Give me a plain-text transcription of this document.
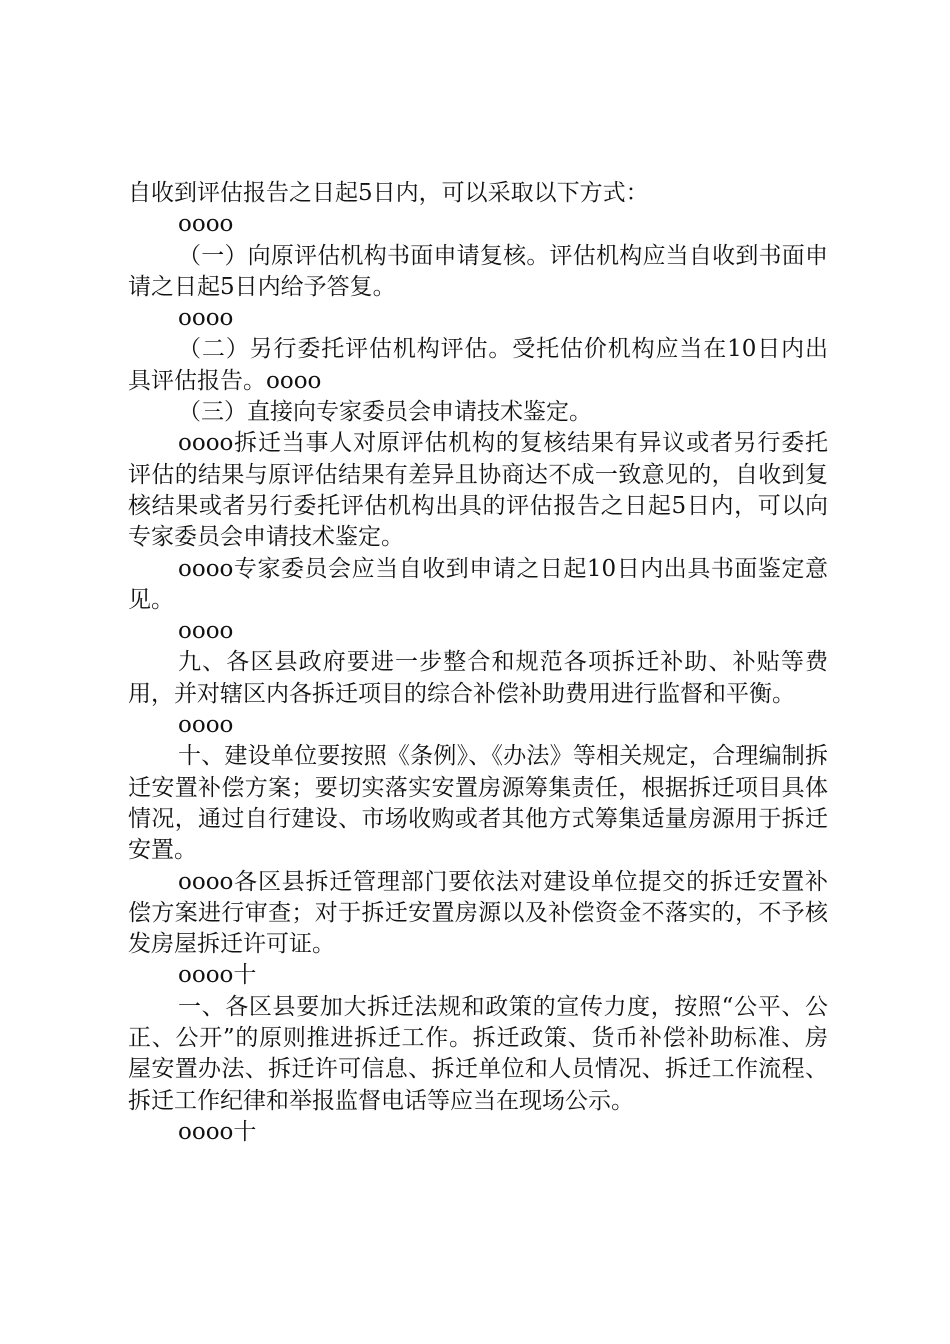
自收到评估报告之日起5日内，可以采取以下方式：

oooo

（一）向原评估机构书面申请复核。评估机构应当自收到书面申请之日起5日内给予答复。

oooo

（二）另行委托评估机构评估。受托估价机构应当在10日内出具评估报告。oooo

（三）直接向专家委员会申请技术鉴定。

oooo拆迁当事人对原评估机构的复核结果有异议或者另行委托评估的结果与原评估结果有差异且协商达不成一致意见的，自收到复核结果或者另行委托评估机构出具的评估报告之日起5日内，可以向专家委员会申请技术鉴定。

oooo专家委员会应当自收到申请之日起10日内出具书面鉴定意见。

oooo

九、各区县政府要进一步整合和规范各项拆迁补助、补贴等费用，并对辖区内各拆迁项目的综合补偿补助费用进行监督和平衡。

oooo

十、建设单位要按照《条例》、《办法》等相关规定，合理编制拆迁安置补偿方案；要切实落实安置房源筹集责任，根据拆迁项目具体情况，通过自行建设、市场收购或者其他方式筹集适量房源用于拆迁安置。

oooo各区县拆迁管理部门要依法对建设单位提交的拆迁安置补偿方案进行审查；对于拆迁安置房源以及补偿资金不落实的，不予核发房屋拆迁许可证。

oooo十

一、各区县要加大拆迁法规和政策的宣传力度，按照“公平、公正、公开”的原则推进拆迁工作。拆迁政策、货币补偿补助标准、房屋安置办法、拆迁许可信息、拆迁单位和人员情况、拆迁工作流程、拆迁工作纪律和举报监督电话等应当在现场公示。

oooo十
